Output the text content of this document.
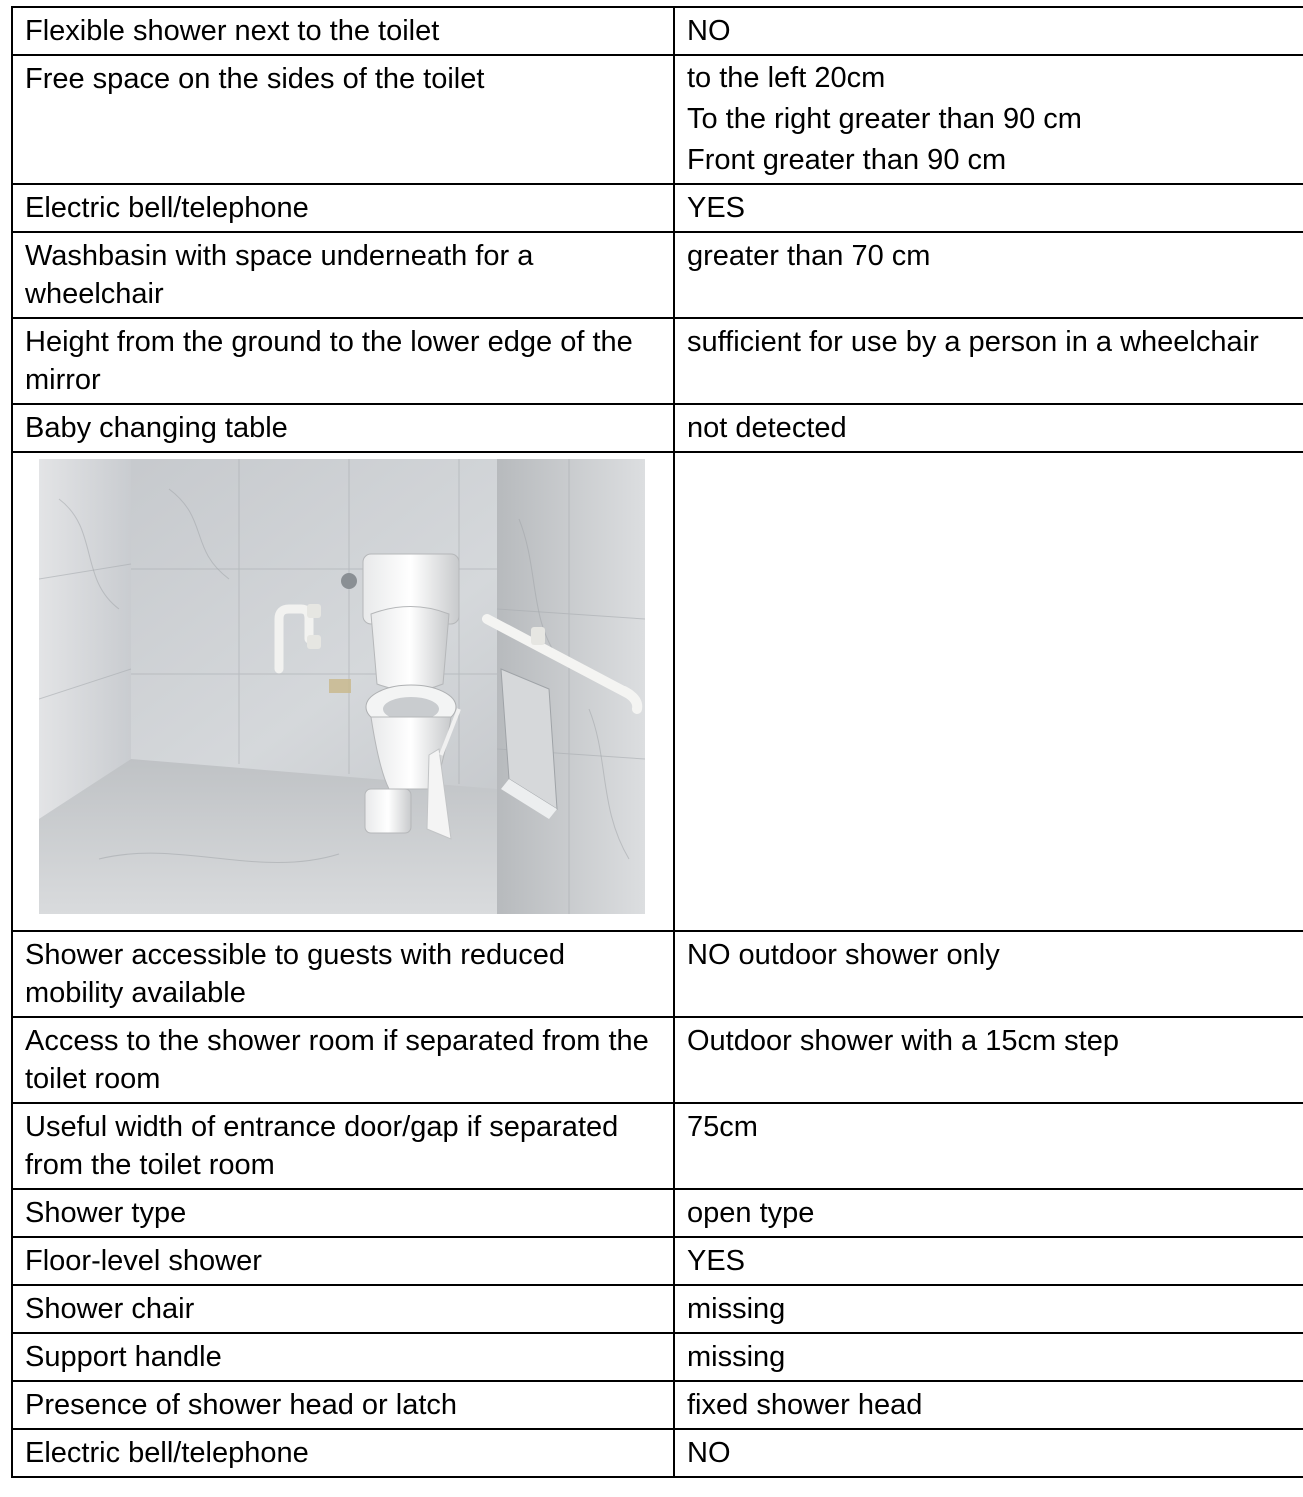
Flexible shower next to the toilet	NO
Free space on the sides of the toilet	to the left 20cm
To the right greater than 90 cm
Front greater than 90 cm

Electric bell/telephone	YES
Washbasin with space underneath for a wheelchair	greater than 70 cm
Height from the ground to the lower edge of the mirror	sufficient for use by a person in a wheelchair
Baby changing table	not detected

Shower accessible to guests with reduced mobility available	NO outdoor shower only
Access to the shower room if separated from the toilet room	Outdoor shower with a 15cm step
Useful width of entrance door/gap if separated from the toilet room	75cm
Shower type	open type
Floor-level shower	YES
Shower chair	missing
Support handle	missing
Presence of shower head or latch	fixed shower head
Electric bell/telephone	NO
